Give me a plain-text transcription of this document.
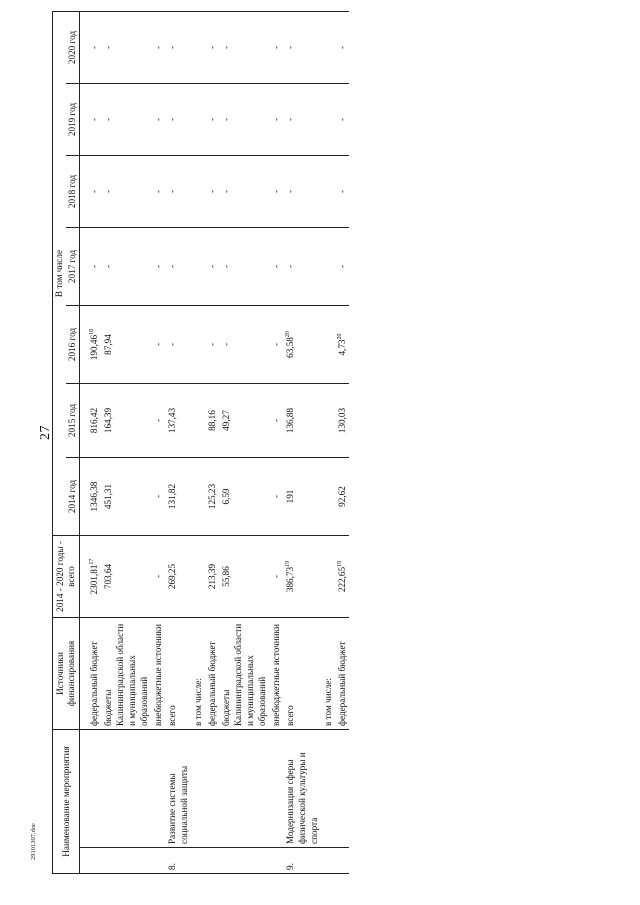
27
29101307.doc	Наименование мероприятия		Источники финансирования	2014 - 2020 годы - всего	В том числе						
				2014 год	2015 год	2016 год	2017 год	2018 год	2019 год	2020 год
		федеральный бюджет	2301,81$^{17}$	1346,38	816,42	190,46$^{18}$	-	-	-	-
		бюджеты Калининградской области и муниципальных образований	703,64	451,31	164,39	87,94	-	-	-	-
		внебюджетные источники	-	-	-	-	-	-	-	-
8.	Развитие системы социальной защиты	всего	269,25	131,82	137,43	-	-	-	-	-
		в том числе:								
		федеральный бюджет	213,39	125,23	88,16	-	-	-	-	-
		бюджеты Калининградской области и муниципальных образований	55,86	6,59	49,27	-	-	-	-	-
		внебюджетные источники	-	-	-	-	-	-	-	-
9.	Модернизация сферы физической культуры и спорта	всего	386,73$^{19}$	191	136,88	63,58$^{20}$	-	-	-	-
		в том числе:								
		федеральный бюджет	222,65$^{19}$	92,62	130,03	4,73$^{20}$	-	-	-	-
